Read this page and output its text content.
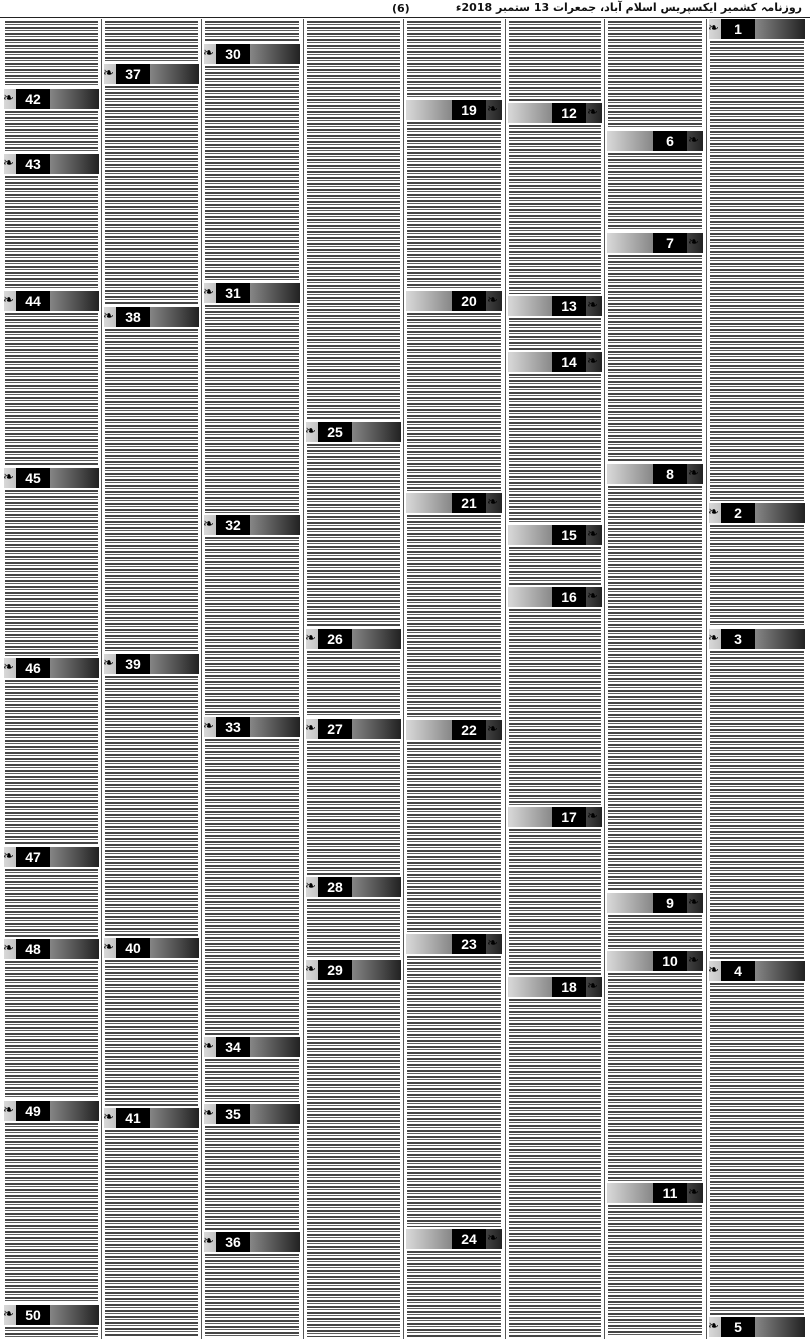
(6)	روزنامہ کشمیر ایکسپریس اسلام آباد، جمعرات 13 ستمبر 2018ء
1
❧
2
❧
3
❧
4
❧
5
❧
6	❧
7	❧
8	❧
9	❧
10 ❧
11 ❧
12 ❧
13 ❧
14 ❧
15 ❧
16 ❧
17 ❧
18 ❧
19 ❧
20 ❧
21 ❧
22 ❧
23 ❧
24 ❧
25
❧
26
❧
27
❧
28
❧
29
❧
30
❧
31
❧
32
❧
33
❧
34
❧
35
❧
36
❧
37
❧
38
❧
39
❧
40
❧
41
❧
42
❧
43
❧
44
❧
45
❧
46
❧
47
❧
48
❧
49
❧
50
❧
